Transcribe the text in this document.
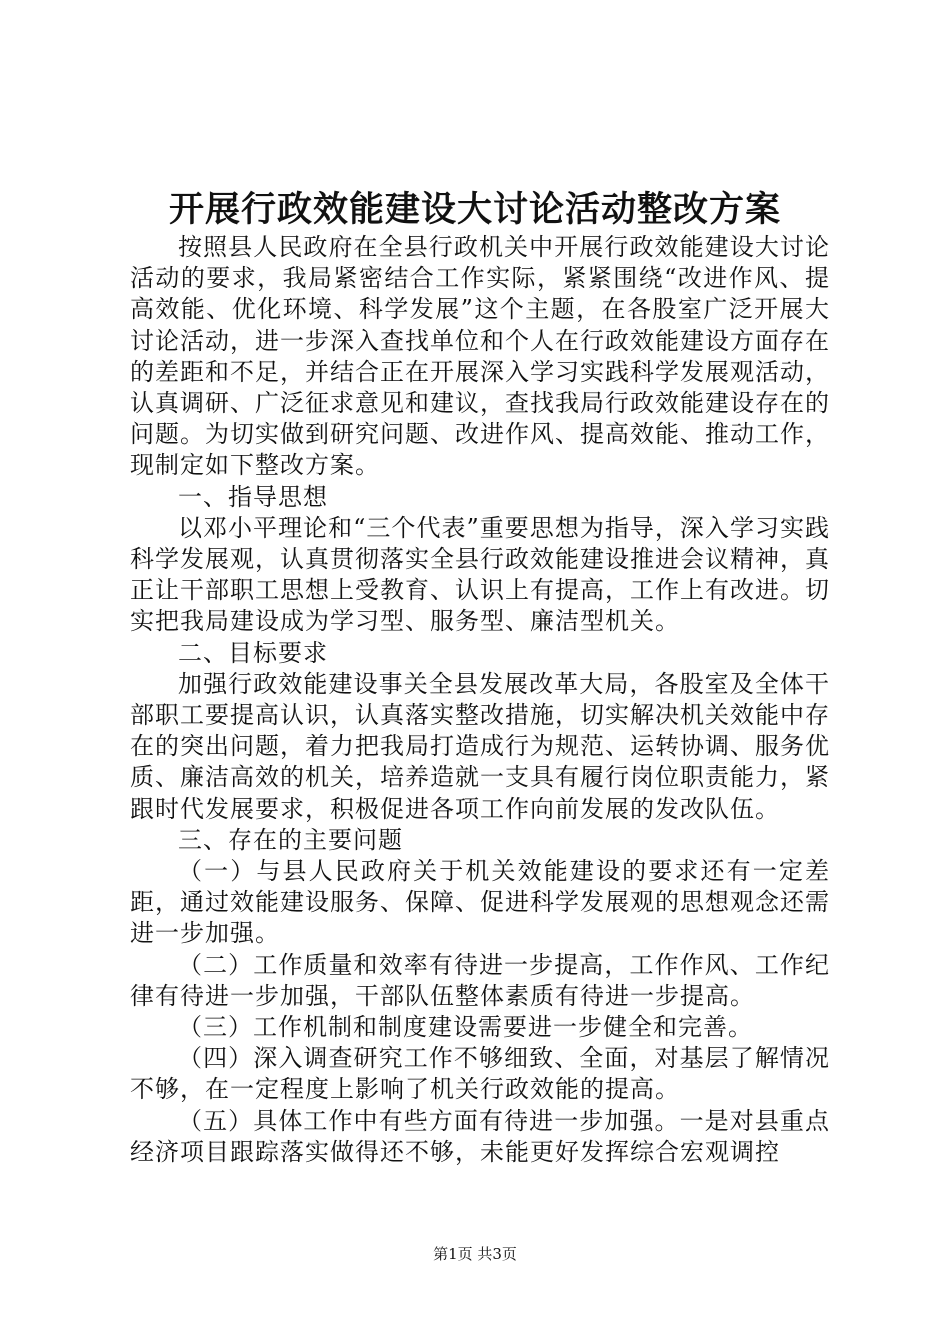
开展行政效能建设大讨论活动整改方案

按照县人民政府在全县行政机关中开展行政效能建设大讨论活动的要求，我局紧密结合工作实际，紧紧围绕“改进作风、提高效能、优化环境、科学发展”这个主题，在各股室广泛开展大讨论活动，进一步深入查找单位和个人在行政效能建设方面存在的差距和不足，并结合正在开展深入学习实践科学发展观活动，认真调研、广泛征求意见和建议，查找我局行政效能建设存在的问题。为切实做到研究问题、改进作风、提高效能、推动工作，现制定如下整改方案。

一、指导思想

以邓小平理论和“三个代表”重要思想为指导，深入学习实践科学发展观，认真贯彻落实全县行政效能建设推进会议精神，真正让干部职工思想上受教育、认识上有提高，工作上有改进。切实把我局建设成为学习型、服务型、廉洁型机关。

二、目标要求

加强行政效能建设事关全县发展改革大局，各股室及全体干部职工要提高认识，认真落实整改措施，切实解决机关效能中存在的突出问题，着力把我局打造成行为规范、运转协调、服务优质、廉洁高效的机关，培养造就一支具有履行岗位职责能力，紧跟时代发展要求，积极促进各项工作向前发展的发改队伍。

三、存在的主要问题

（一）与县人民政府关于机关效能建设的要求还有一定差距，通过效能建设服务、保障、促进科学发展观的思想观念还需进一步加强。

（二）工作质量和效率有待进一步提高，工作作风、工作纪律有待进一步加强，干部队伍整体素质有待进一步提高。

（三）工作机制和制度建设需要进一步健全和完善。

（四）深入调查研究工作不够细致、全面，对基层了解情况不够，在一定程度上影响了机关行政效能的提高。

（五）具体工作中有些方面有待进一步加强。一是对县重点经济项目跟踪落实做得还不够，未能更好发挥综合宏观调控

第1页 共3页
